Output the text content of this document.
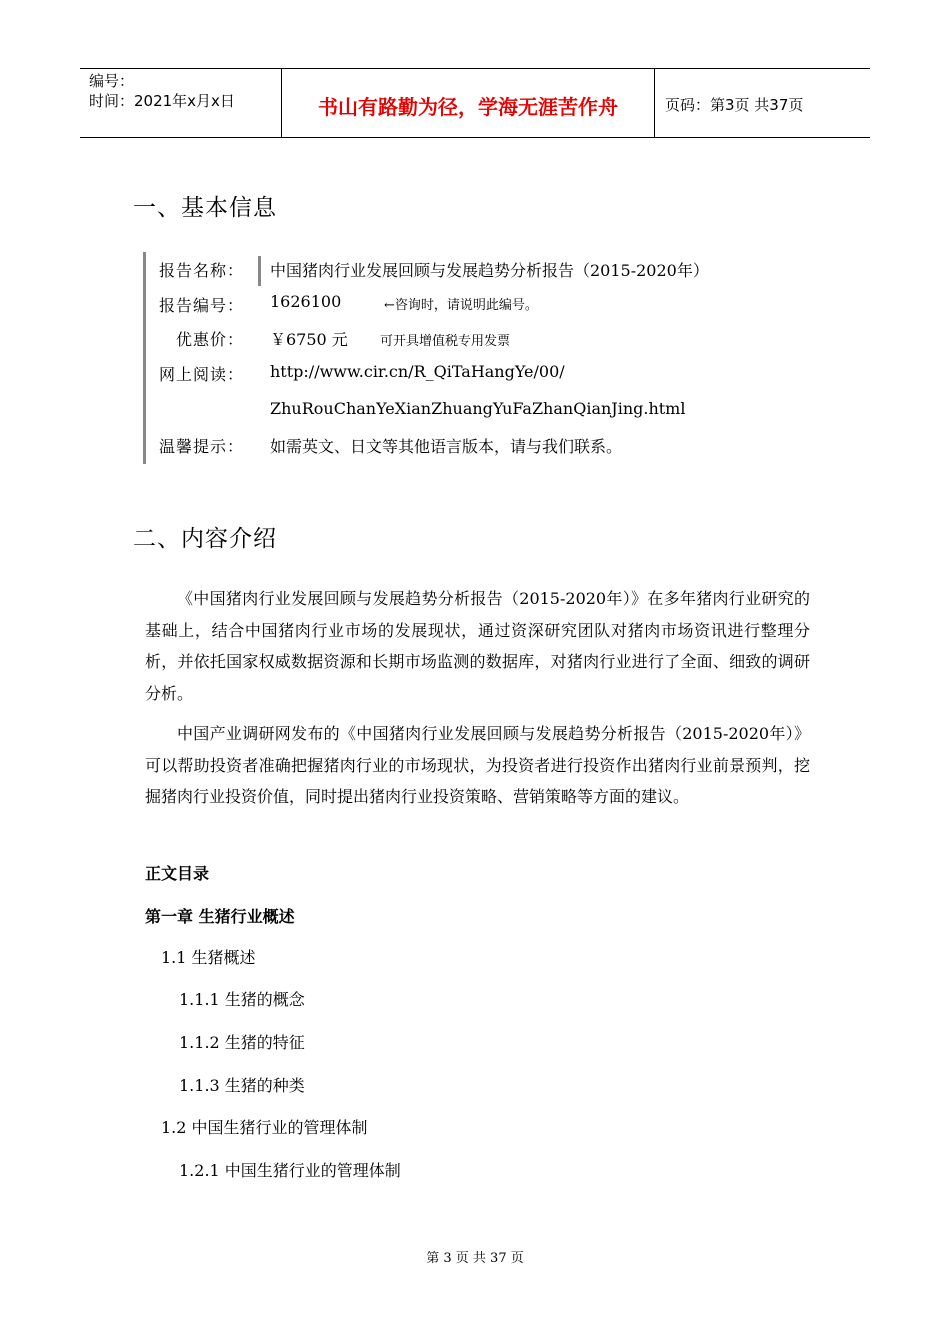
编号：
时间：2021年x月x日	书山有路勤为径，学海无涯苦作舟	页码：第3页 共37页
一、基本信息
报告名称： 中国猪肉行业发展回顾与发展趋势分析报告（2015-2020年）
报告编号： 1626100	←咨询时，请说明此编号。
优惠价： ￥6750 元 可开具增值税专用发票
网上阅读： http://www.cir.cn/R_QiTaHangYe/00/
ZhuRouChanYeXianZhuangYuFaZhanQianJing.html
温馨提示： 如需英文、日文等其他语言版本，请与我们联系。
二、内容介绍

《中国猪肉行业发展回顾与发展趋势分析报告（2015-2020年）》在多年猪肉行业研究的基础上，结合中国猪肉行业市场的发展现状，通过资深研究团队对猪肉市场资讯进行整理分析，并依托国家权威数据资源和长期市场监测的数据库，对猪肉行业进行了全面、细致的调研分析。

中国产业调研网发布的《中国猪肉行业发展回顾与发展趋势分析报告（2015-2020年）》可以帮助投资者准确把握猪肉行业的市场现状，为投资者进行投资作出猪肉行业前景预判，挖掘猪肉行业投资价值，同时提出猪肉行业投资策略、营销策略等方面的建议。

正文目录
第一章 生猪行业概述
1.1 生猪概述
1.1.1 生猪的概念
1.1.2 生猪的特征
1.1.3 生猪的种类
1.2 中国生猪行业的管理体制
1.2.1 中国生猪行业的管理体制
第 3 页 共 37 页
